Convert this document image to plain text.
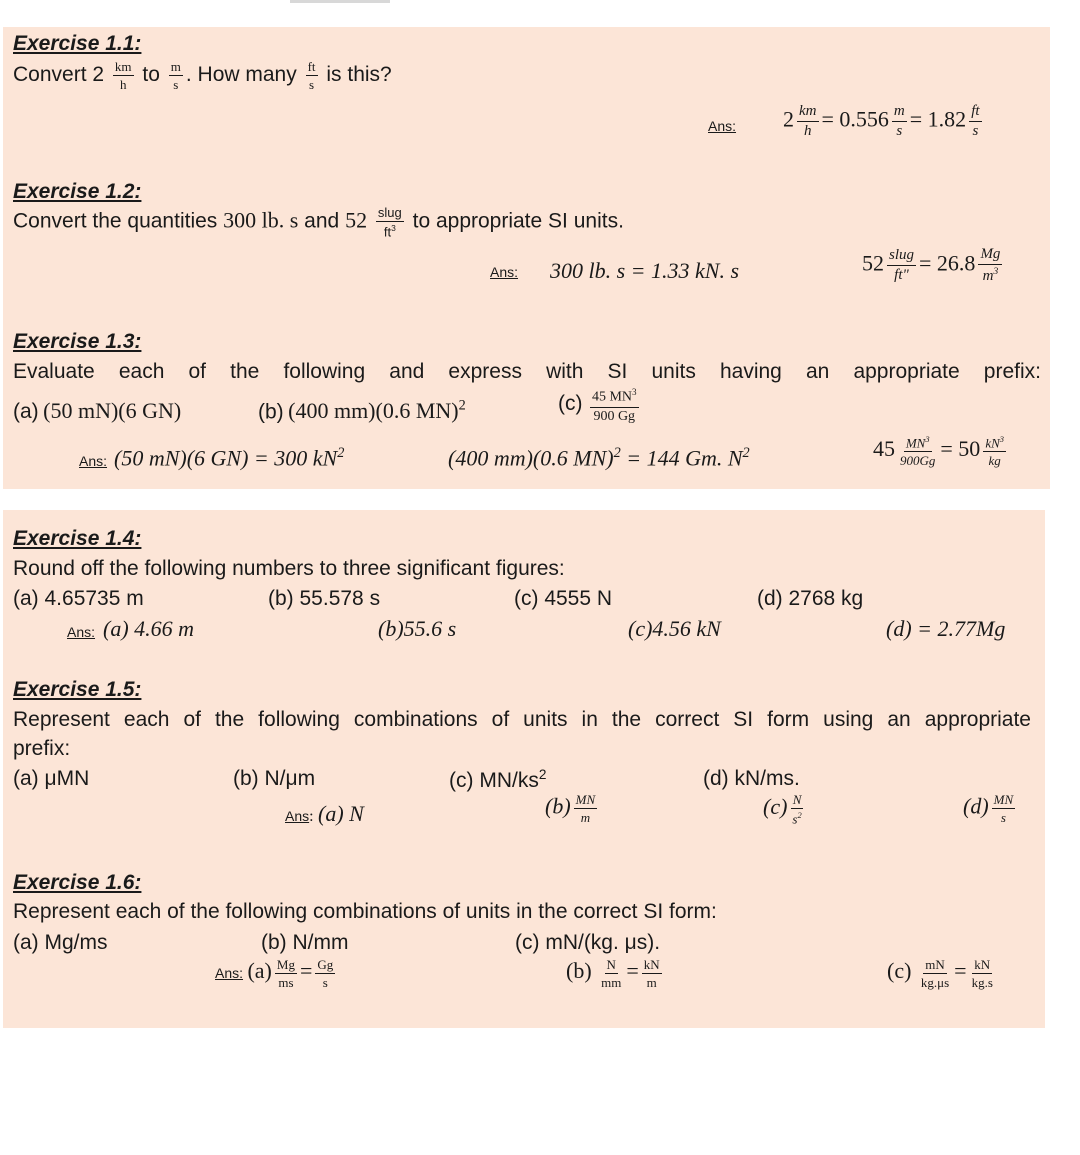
Exercise 1.1:
Convert $2 \frac{km}{h}$ to $\frac{m}{s}$ . How many $\frac{ft}{s}$ is this?
Ans: $2 \frac{km}{h} = 0.556 \frac{m}{s} = 1.82 \frac{ft}{s}$
Exercise 1.2:
Convert the quantities 300 lb. s and $52 \frac{\text{slug}}{ft^3}$ to appropriate SI units.
Ans: 300 lb. s = 1.33 kN. s	$52 \frac{\text{slug}}{ft"} = 26.8 \frac{Mg}{m^3}$
Exercise 1.3:
Evaluate each of the following and express with SI units having an appropriate prefix:
(a) (50 mN)(6 GN)	(b) (400 mm)(0.6 MN)$^2$	$(c) \frac{45 MN^3}{900 Gg}$
Ans: (50 mN)(6 GN) = 300 $kN^2$	(400 mm)(0.6 MN)$^2$ = 144 Gm. $N^2$	$45 \frac{MN^3}{900Gg} = 50 \frac{kN^3}{kg}$
Exercise 1.4:
Round off the following numbers to three significant figures:
(a) 4.65735 m	(b) 55.578 s	(c) 4555 N	(d) 2768 kg
Ans: (a) 4.66 m	(b)55.6 s	(c)4.56 kN	(d) = 2.77Mg
Exercise 1.5:
Represent each of the following combinations of units in the correct SI form using an appropriate
prefix:
(a) μMN	(b) N/μm	(c) $MN/ks^2$	(d) kN/ms.
Ans: (a) N	$(b) \frac{MN}{m}$	$(c) \frac{N}{s^2}$	$(d) \frac{MN}{s}$
Exercise 1.6:
Represent each of the following combinations of units in the correct SI form:
(a) Mg/ms	(b) N/mm	(c) mN/(kg. μs).
Ans: $(a) \frac{Mg}{ms} = \frac{Gg}{s}$	$(b) \frac{N}{mm} = \frac{kN}{m}$	$(c) \frac{mN}{kg.\mu s} = \frac{kN}{kg.s}$
